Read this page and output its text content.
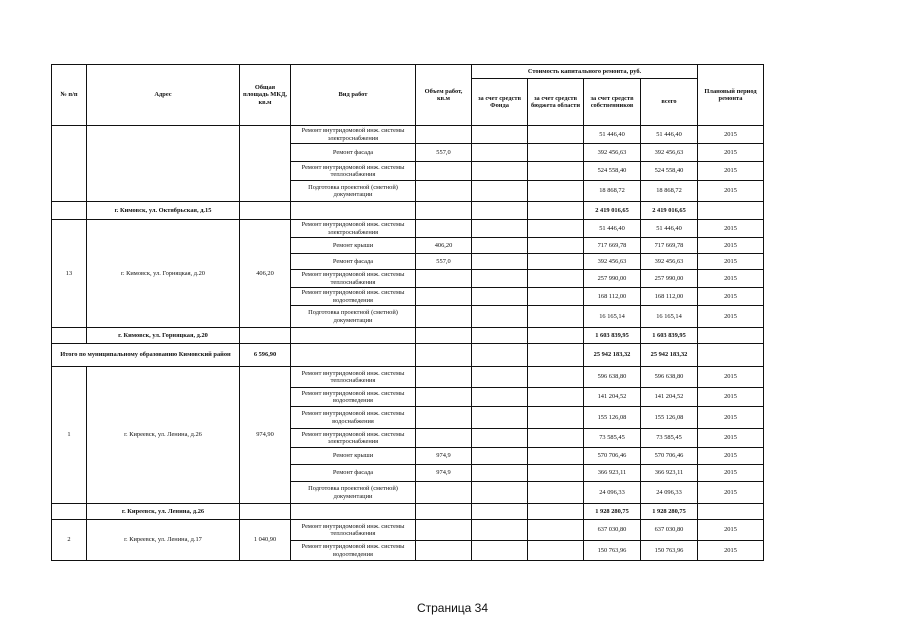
№ п/п	Адрес	Общая площадь МКД, кв.м	Вид работ	Объем работ, кв.м	Стоимость капитального ремонта, руб.				Плановый период ремонта
					за счет средств Фонда	за счет средств бюджета области	за счет средств собственников	всего	
			Ремонт внутридомовой инж. системы электроснабжения				51 446,40	51 446,40	2015
			Ремонт фасада	557,0			392 456,63	392 456,63	2015
			Ремонт внутридомовой инж. системы теплоснабжения				524 558,40	524 558,40	2015
			Подготовка проектной (сметной) документации				18 868,72	18 868,72	2015
	г. Кимовск, ул. Октябрьская, д.15						2 419 016,65	2 419 016,65	
13	г. Кимовск, ул. Горняцкая, д.20	406,20	Ремонт внутридомовой инж. системы электроснабжения				51 446,40	51 446,40	2015
			Ремонт крыши	406,20			717 669,78	717 669,78	2015
			Ремонт фасада	557,0			392 456,63	392 456,63	2015
			Ремонт внутридомовой инж. системы теплоснабжения				257 990,00	257 990,00	2015
			Ремонт внутридомовой инж. системы водоотведения				168 112,00	168 112,00	2015
			Подготовка проектной (сметной) документации				16 165,14	16 165,14	2015
	г. Кимовск, ул. Горняцкая, д.20						1 603 839,95	1 603 839,95	
Итого по муниципальному образованию Кимовский район		6 596,90					25 942 183,32	25 942 183,32	
1	г. Киреевск, ул. Ленина, д.26	974,90	Ремонт внутридомовой инж. системы теплоснабжения				596 638,80	596 638,80	2015
			Ремонт внутридомовой инж. системы водоотведения				141 204,52	141 204,52	2015
			Ремонт внутридомовой инж. системы водоснабжения				155 126,08	155 126,08	2015
			Ремонт внутридомовой инж. системы электроснабжения				73 585,45	73 585,45	2015
			Ремонт крыши	974,9			570 706,46	570 706,46	2015
			Ремонт фасада	974,9			366 923,11	366 923,11	2015
			Подготовка проектной (сметной) документации				24 096,33	24 096,33	2015
	г. Киреевск, ул. Ленина, д.26						1 928 280,75	1 928 280,75	
2	г. Киреевск, ул. Ленина, д.17	1 040,90	Ремонт внутридомовой инж. системы теплоснабжения				637 030,80	637 030,80	2015
			Ремонт внутридомовой инж. системы водоотведения				150 763,96	150 763,96	2015
Страница 34
